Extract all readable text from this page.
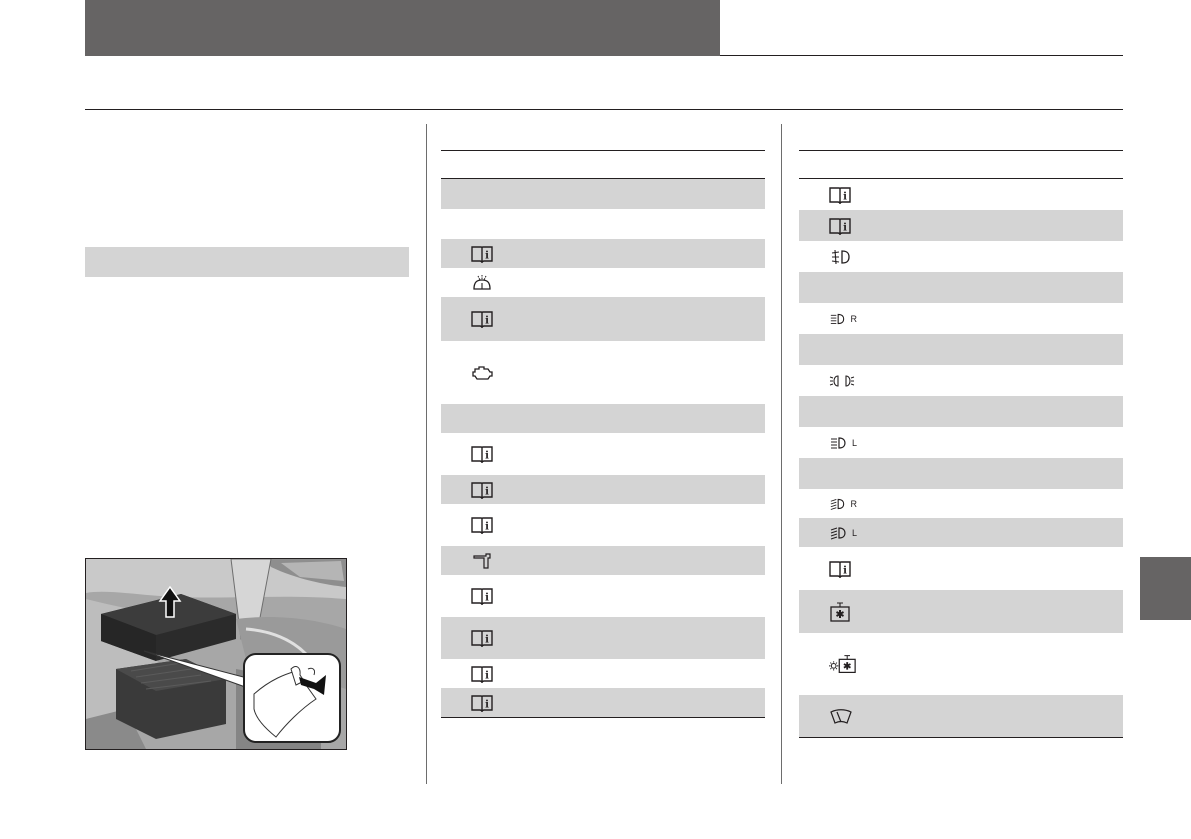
i
i
i
i
i
i
i
i
i
i
i
R
L
R
L
i
